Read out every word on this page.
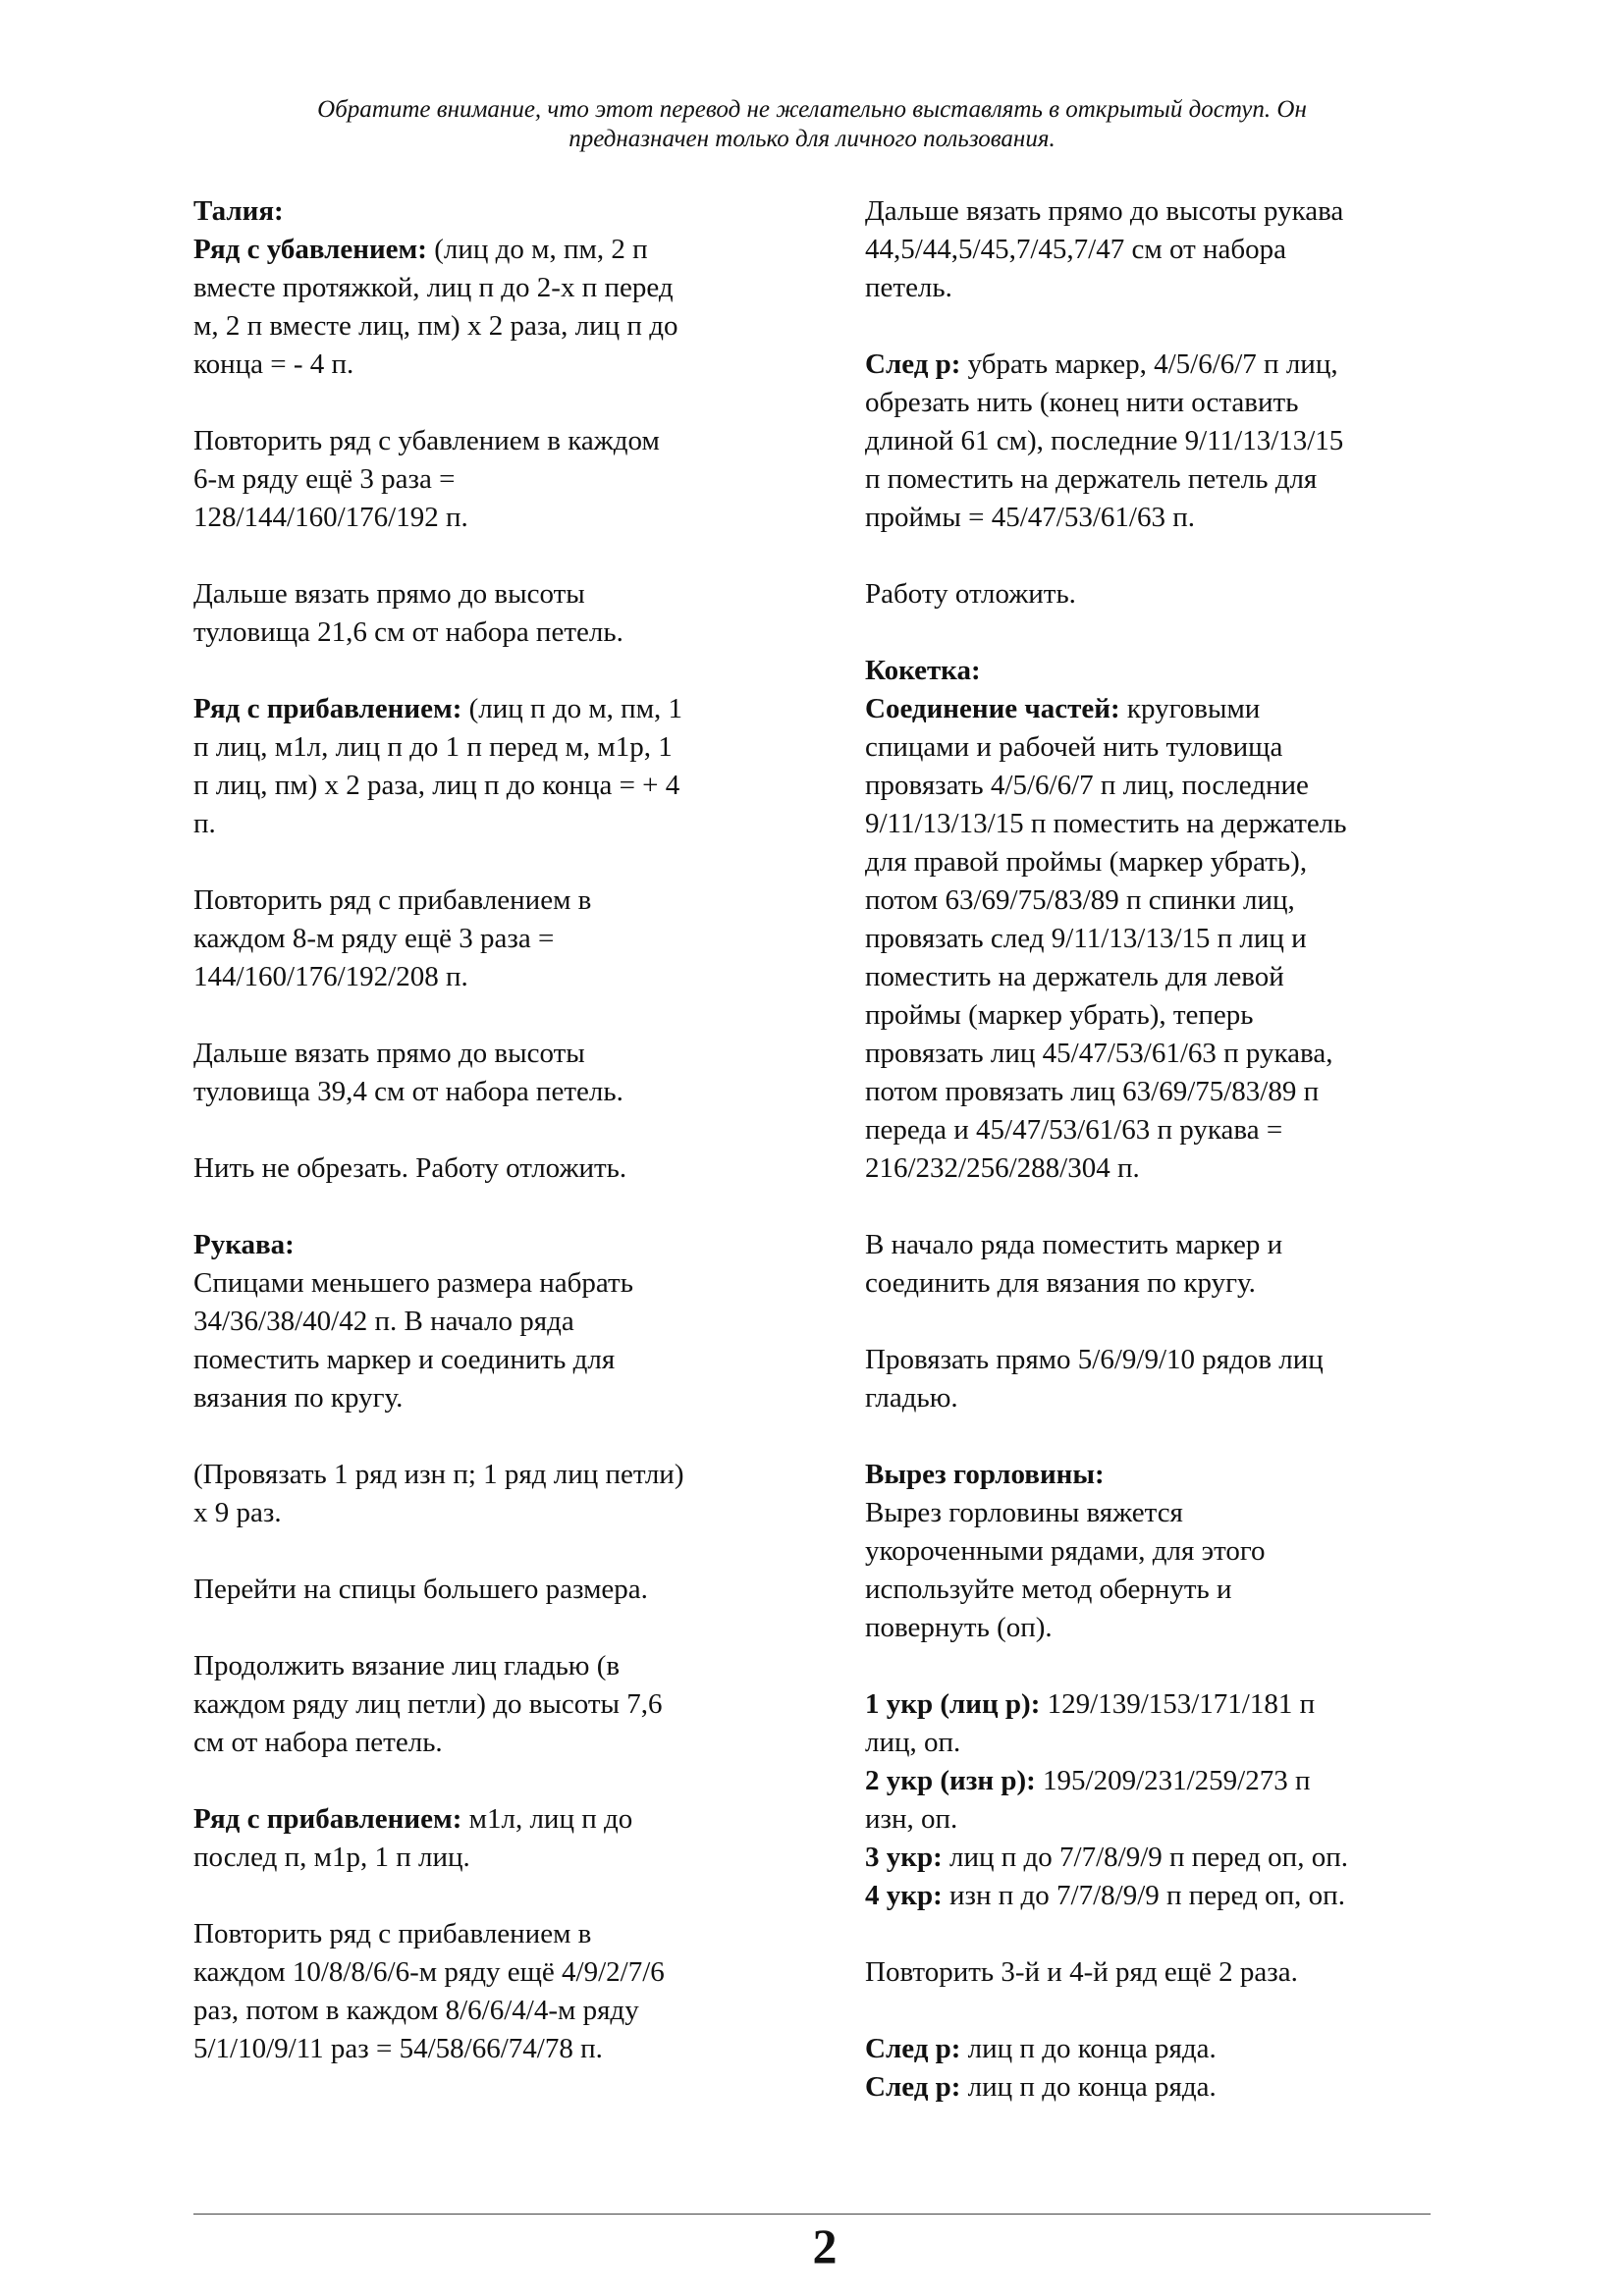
Обратите внимание, что этот перевод не желательно выставлять в открытый доступ. Он
предназначен только для личного пользования.
Талия:
Ряд с убавлением: (лиц до м, пм, 2 п
вместе протяжкой, лиц п до 2-х п перед
м, 2 п вместе лиц, пм) х 2 раза, лиц п до
конца = - 4 п.
Повторить ряд с убавлением в каждом
6-м ряду ещё 3 раза =
128/144/160/176/192 п.
Дальше вязать прямо до высоты
туловища 21,6 см от набора петель.
Ряд с прибавлением: (лиц п до м, пм, 1
п лиц, м1л, лиц п до 1 п перед м, м1р, 1
п лиц, пм) х 2 раза, лиц п до конца = + 4
п.
Повторить ряд с прибавлением в
каждом 8-м ряду ещё 3 раза =
144/160/176/192/208 п.
Дальше вязать прямо до высоты
туловища 39,4 см от набора петель.
Нить не обрезать. Работу отложить.
Рукава:
Спицами меньшего размера набрать
34/36/38/40/42 п. В начало ряда
поместить маркер и соединить для
вязания по кругу.
(Провязать 1 ряд изн п; 1 ряд лиц петли)
х 9 раз.
Перейти на спицы большего размера.
Продолжить вязание лиц гладью (в
каждом ряду лиц петли) до высоты 7,6
см от набора петель.
Ряд с прибавлением: м1л, лиц п до
послед п, м1р, 1 п лиц.
Повторить ряд с прибавлением в
каждом 10/8/8/6/6-м ряду ещё 4/9/2/7/6
раз, потом в каждом 8/6/6/4/4-м ряду
5/1/10/9/11 раз = 54/58/66/74/78 п.
Дальше вязать прямо до высоты рукава
44,5/44,5/45,7/45,7/47 см от набора
петель.
След р: убрать маркер, 4/5/6/6/7 п лиц,
обрезать нить (конец нити оставить
длиной 61 см), последние 9/11/13/13/15
п поместить на держатель петель для
проймы = 45/47/53/61/63 п.
Работу отложить.
Кокетка:
Соединение частей: круговыми
спицами и рабочей нить туловища
провязать 4/5/6/6/7 п лиц, последние
9/11/13/13/15 п поместить на держатель
для правой проймы (маркер убрать),
потом 63/69/75/83/89 п спинки лиц,
провязать след 9/11/13/13/15 п лиц и
поместить на держатель для левой
проймы (маркер убрать), теперь
провязать лиц 45/47/53/61/63 п рукава,
потом провязать лиц 63/69/75/83/89 п
переда и 45/47/53/61/63 п рукава =
216/232/256/288/304 п.
В начало ряда поместить маркер и
соединить для вязания по кругу.
Провязать прямо 5/6/9/9/10 рядов лиц
гладью.
Вырез горловины:
Вырез горловины вяжется
укороченными рядами, для этого
используйте метод обернуть и
повернуть (оп).
1 укр (лиц р): 129/139/153/171/181 п
лиц, оп.
2 укр (изн р): 195/209/231/259/273 п
изн, оп.
3 укр: лиц п до 7/7/8/9/9 п перед оп, оп.
4 укр: изн п до 7/7/8/9/9 п перед оп, оп.
Повторить 3-й и 4-й ряд ещё 2 раза.
След р: лиц п до конца ряда.
След р: лиц п до конца ряда.
2
